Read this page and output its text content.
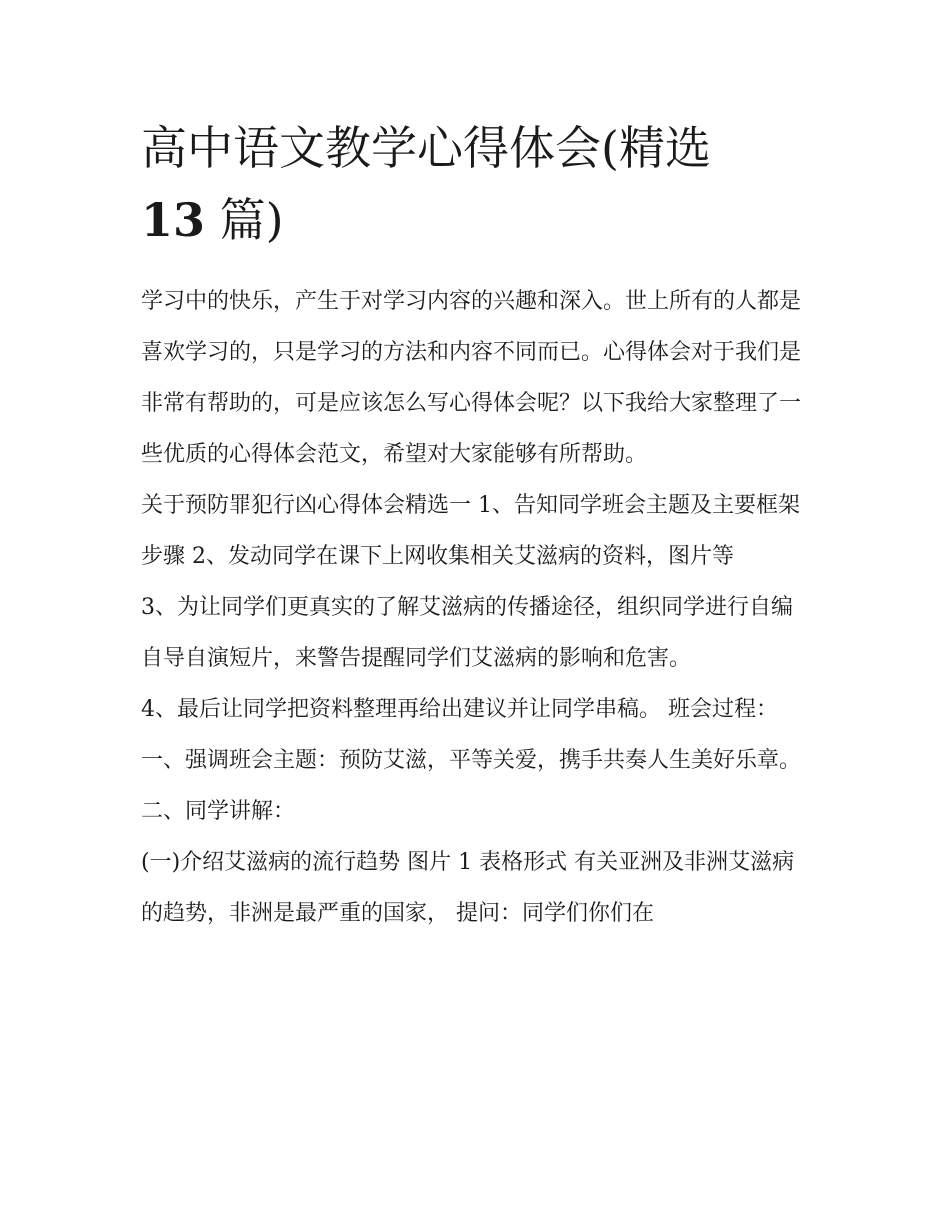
高中语文教学心得体会(精选
13 篇)

学习中的快乐，产生于对学习内容的兴趣和深入。世上所有的人都是喜欢学习的，只是学习的方法和内容不同而已。心得体会对于我们是非常有帮助的，可是应该怎么写心得体会呢？以下我给大家整理了一些优质的心得体会范文，希望对大家能够有所帮助。

关于预防罪犯行凶心得体会精选一 1、告知同学班会主题及主要框架步骤 2、发动同学在课下上网收集相关艾滋病的资料，图片等

3、为让同学们更真实的了解艾滋病的传播途径，组织同学进行自编自导自演短片，来警告提醒同学们艾滋病的影响和危害。

4、最后让同学把资料整理再给出建议并让同学串稿。 班会过程： 一、强调班会主题：预防艾滋，平等关爱，携手共奏人生美好乐章。 二、同学讲解：

(一)介绍艾滋病的流行趋势 图片 1 表格形式 有关亚洲及非洲艾滋病的趋势，非洲是最严重的国家， 提问：同学们你们在
